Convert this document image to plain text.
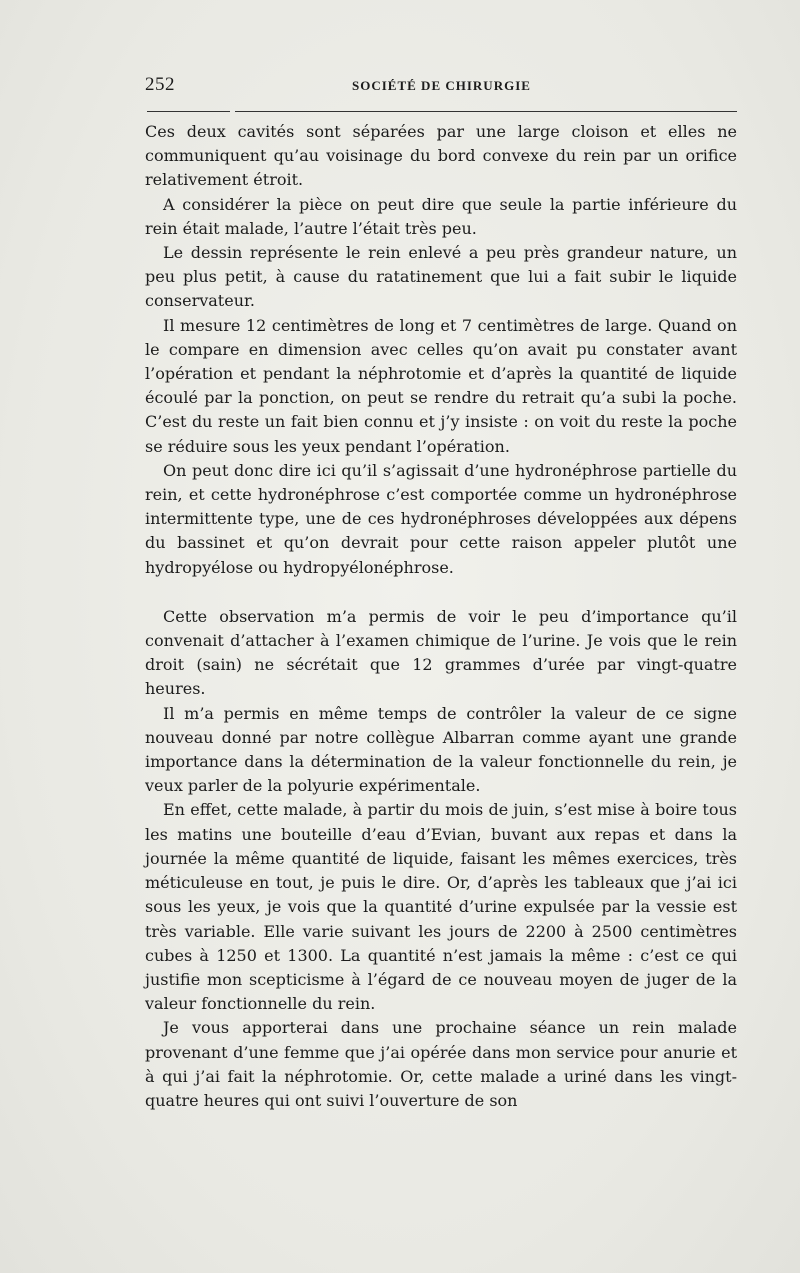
252	SOCIÉTÉ DE CHIRURGIE

Ces deux cavités sont séparées par une large cloison et elles ne communiquent qu’au voisinage du bord convexe du rein par un orifice relativement étroit.

A considérer la pièce on peut dire que seule la partie inférieure du rein était malade, l’autre l’était très peu.

Le dessin représente le rein enlevé a peu près grandeur nature, un peu plus petit, à cause du ratatinement que lui a fait subir le liquide conservateur.

Il mesure 12 centimètres de long et 7 centimètres de large. Quand on le compare en dimension avec celles qu’on avait pu constater avant l’opération et pendant la néphrotomie et d’après la quantité de liquide écoulé par la ponction, on peut se rendre du retrait qu’a subi la poche. C’est du reste un fait bien connu et j’y insiste : on voit du reste la poche se réduire sous les yeux pendant l’opération.

On peut donc dire ici qu’il s’agissait d’une hydronéphrose partielle du rein, et cette hydronéphrose c’est comportée comme un hydronéphrose intermittente type, une de ces hydronéphroses développées aux dépens du bassinet et qu’on devrait pour cette raison appeler plutôt une hydropyélose ou hydropyélonéphrose.

Cette observation m’a permis de voir le peu d’importance qu’il convenait d’attacher à l’examen chimique de l’urine. Je vois que le rein droit (sain) ne sécrétait que 12 grammes d’urée par vingt-quatre heures.

Il m’a permis en même temps de contrôler la valeur de ce signe nouveau donné par notre collègue Albarran comme ayant une grande importance dans la détermination de la valeur fonctionnelle du rein, je veux parler de la polyurie expérimentale.

En effet, cette malade, à partir du mois de juin, s’est mise à boire tous les matins une bouteille d’eau d’Evian, buvant aux repas et dans la journée la même quantité de liquide, faisant les mêmes exercices, très méticuleuse en tout, je puis le dire. Or, d’après les tableaux que j’ai ici sous les yeux, je vois que la quantité d’urine expulsée par la vessie est très variable. Elle varie suivant les jours de 2200 à 2500 centimètres cubes à 1250 et 1300. La quantité n’est jamais la même : c’est ce qui justifie mon scepticisme à l’égard de ce nouveau moyen de juger de la valeur fonctionnelle du rein.

Je vous apporterai dans une prochaine séance un rein malade provenant d’une femme que j’ai opérée dans mon service pour anurie et à qui j’ai fait la néphrotomie. Or, cette malade a uriné dans les vingt-quatre heures qui ont suivi l’ouverture de son
